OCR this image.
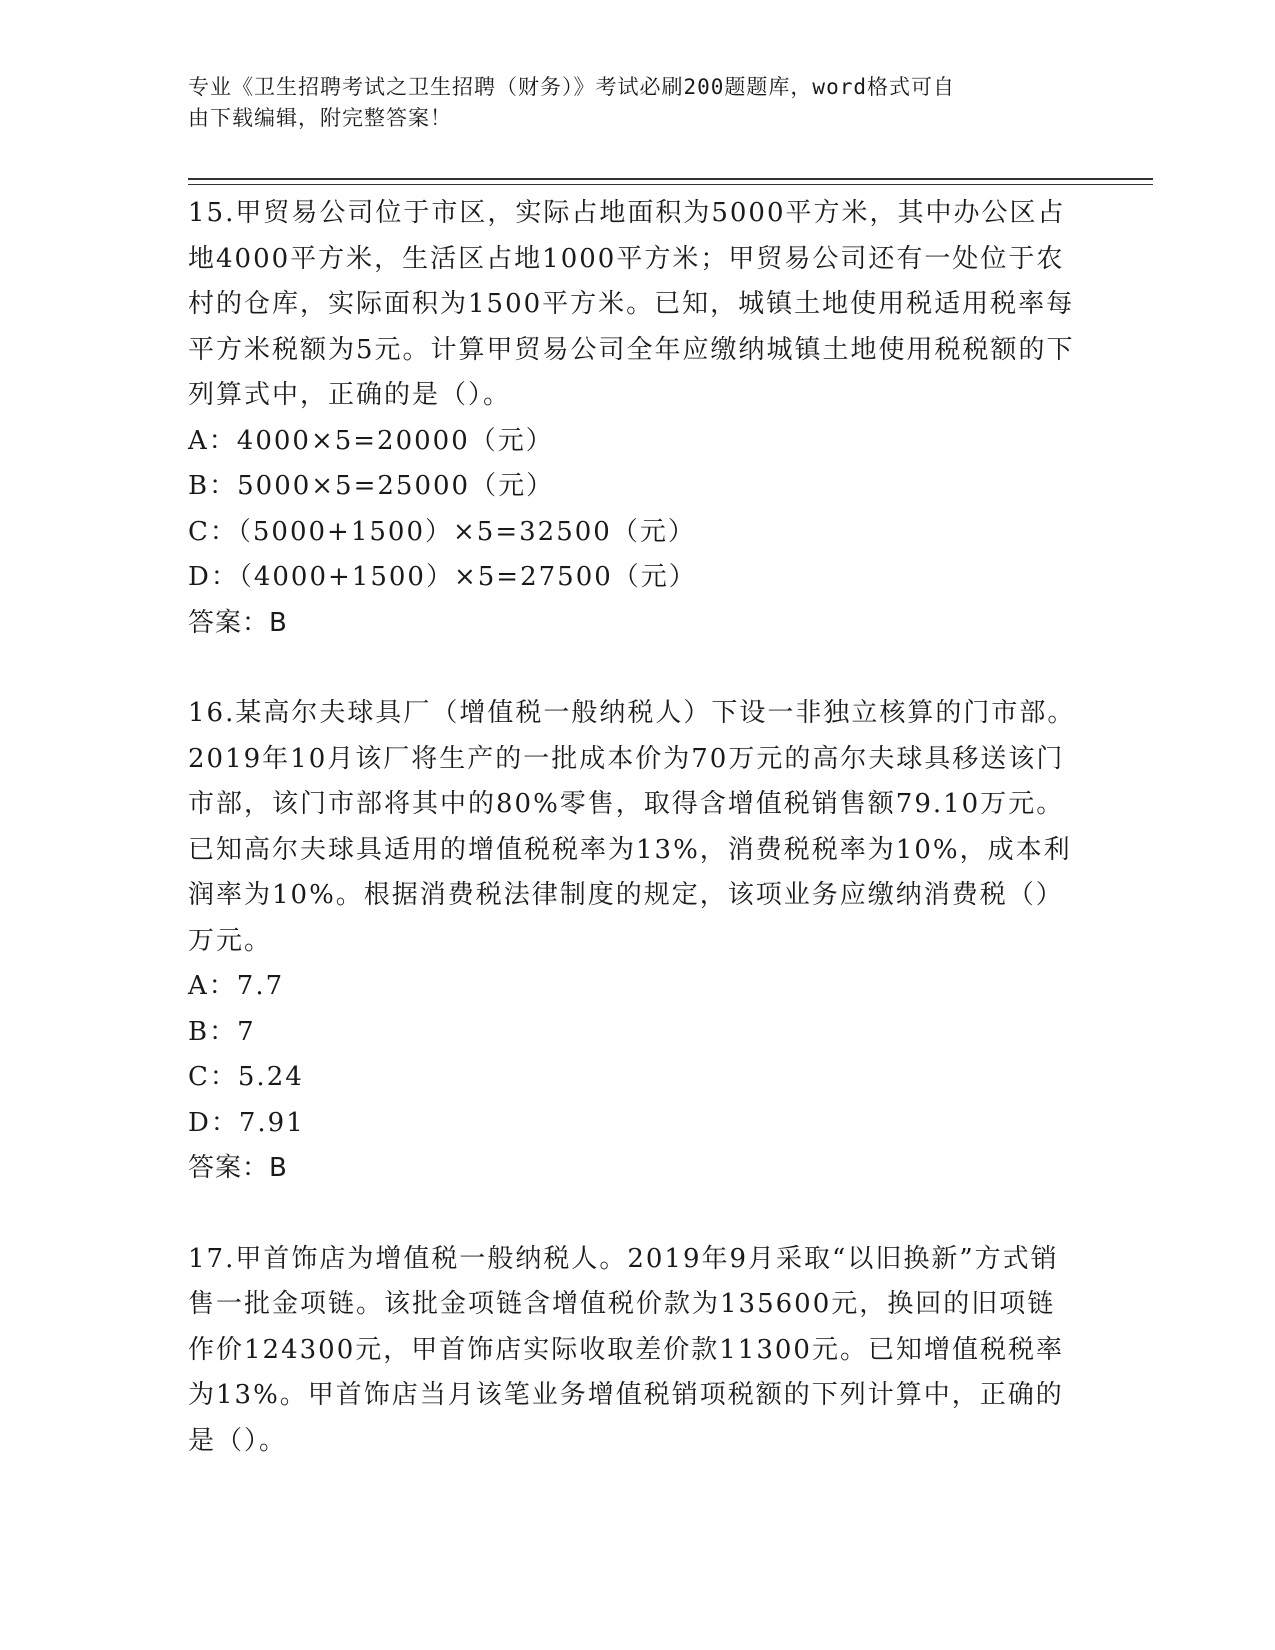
专业《卫生招聘考试之卫生招聘（财务）》考试必刷200题题库，word格式可自
由下载编辑，附完整答案！

15.甲贸易公司位于市区，实际占地面积为5000平方米，其中办公区占地4000平方米，生活区占地1000平方米；甲贸易公司还有一处位于农村的仓库，实际面积为1500平方米。已知，城镇土地使用税适用税率每平方米税额为5元。计算甲贸易公司全年应缴纳城镇土地使用税税额的下列算式中，正确的是（）。

A：4000×5=20000（元）

B：5000×5=25000（元）

C：（5000+1500）×5=32500（元）

D：（4000+1500）×5=27500（元）

答案：B

16.某高尔夫球具厂（增值税一般纳税人）下设一非独立核算的门市部。2019年10月该厂将生产的一批成本价为70万元的高尔夫球具移送该门市部，该门市部将其中的80%零售，取得含增值税销售额79.10万元。已知高尔夫球具适用的增值税税率为13%，消费税税率为10%，成本利润率为10%。根据消费税法律制度的规定，该项业务应缴纳消费税（）万元。

A：7.7

B：7

C：5.24

D：7.91

答案：B

17.甲首饰店为增值税一般纳税人。2019年9月采取“以旧换新”方式销售一批金项链。该批金项链含增值税价款为135600元，换回的旧项链作价124300元，甲首饰店实际收取差价款11300元。已知增值税税率为13%。甲首饰店当月该笔业务增值税销项税额的下列计算中，正确的是（）。
